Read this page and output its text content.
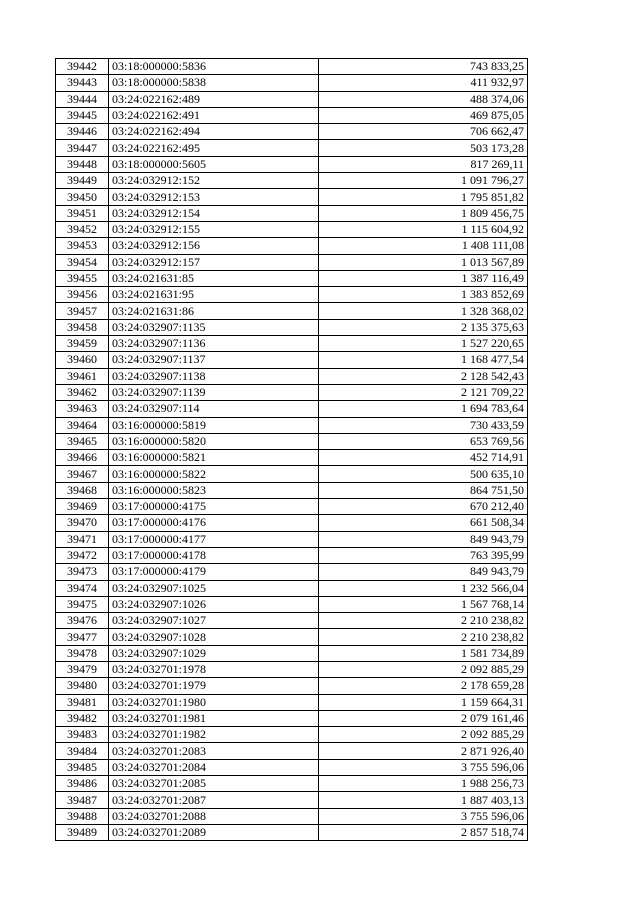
39442	03:18:000000:5836	743 833,25
39443	03:18:000000:5838	411 932,97
39444	03:24:022162:489	488 374,06
39445	03:24:022162:491	469 875,05
39446	03:24:022162:494	706 662,47
39447	03:24:022162:495	503 173,28
39448	03:18:000000:5605	817 269,11
39449	03:24:032912:152	1 091 796,27
39450	03:24:032912:153	1 795 851,82
39451	03:24:032912:154	1 809 456,75
39452	03:24:032912:155	1 115 604,92
39453	03:24:032912:156	1 408 111,08
39454	03:24:032912:157	1 013 567,89
39455	03:24:021631:85	1 387 116,49
39456	03:24:021631:95	1 383 852,69
39457	03:24:021631:86	1 328 368,02
39458	03:24:032907:1135	2 135 375,63
39459	03:24:032907:1136	1 527 220,65
39460	03:24:032907:1137	1 168 477,54
39461	03:24:032907:1138	2 128 542,43
39462	03:24:032907:1139	2 121 709,22
39463	03:24:032907:114	1 694 783,64
39464	03:16:000000:5819	730 433,59
39465	03:16:000000:5820	653 769,56
39466	03:16:000000:5821	452 714,91
39467	03:16:000000:5822	500 635,10
39468	03:16:000000:5823	864 751,50
39469	03:17:000000:4175	670 212,40
39470	03:17:000000:4176	661 508,34
39471	03:17:000000:4177	849 943,79
39472	03:17:000000:4178	763 395,99
39473	03:17:000000:4179	849 943,79
39474	03:24:032907:1025	1 232 566,04
39475	03:24:032907:1026	1 567 768,14
39476	03:24:032907:1027	2 210 238,82
39477	03:24:032907:1028	2 210 238,82
39478	03:24:032907:1029	1 581 734,89
39479	03:24:032701:1978	2 092 885,29
39480	03:24:032701:1979	2 178 659,28
39481	03:24:032701:1980	1 159 664,31
39482	03:24:032701:1981	2 079 161,46
39483	03:24:032701:1982	2 092 885,29
39484	03:24:032701:2083	2 871 926,40
39485	03:24:032701:2084	3 755 596,06
39486	03:24:032701:2085	1 988 256,73
39487	03:24:032701:2087	1 887 403,13
39488	03:24:032701:2088	3 755 596,06
39489	03:24:032701:2089	2 857 518,74
